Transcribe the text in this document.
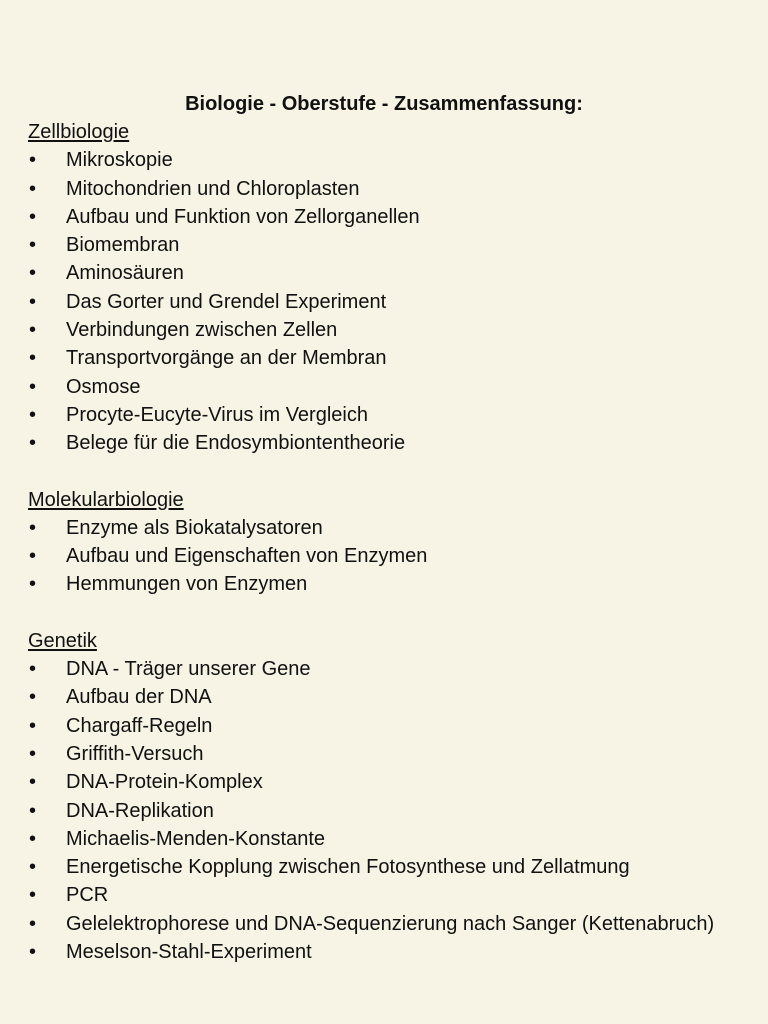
Biologie - Oberstufe - Zusammenfassung:
Zellbiologie
•	Mikroskopie
•	Mitochondrien und Chloroplasten
•	Aufbau und Funktion von Zellorganellen
•	Biomembran
•	Aminosäuren
•	Das Gorter und Grendel Experiment
•	Verbindungen zwischen Zellen
•	Transportvorgänge an der Membran
•	Osmose
•	Procyte-Eucyte-Virus im Vergleich
•	Belege für die Endosymbiontentheorie
Molekularbiologie
•	Enzyme als Biokatalysatoren
•	Aufbau und Eigenschaften von Enzymen
•	Hemmungen von Enzymen
Genetik
•	DNA - Träger unserer Gene
•	Aufbau der DNA
•	Chargaff-Regeln
•	Griffith-Versuch
•	DNA-Protein-Komplex
•	DNA-Replikation
•	Michaelis-Menden-Konstante
•	Energetische Kopplung zwischen Fotosynthese und Zellatmung
•	PCR
•	Gelelektrophorese und DNA-Sequenzierung nach Sanger (Kettenabruch)
•	Meselson-Stahl-Experiment
